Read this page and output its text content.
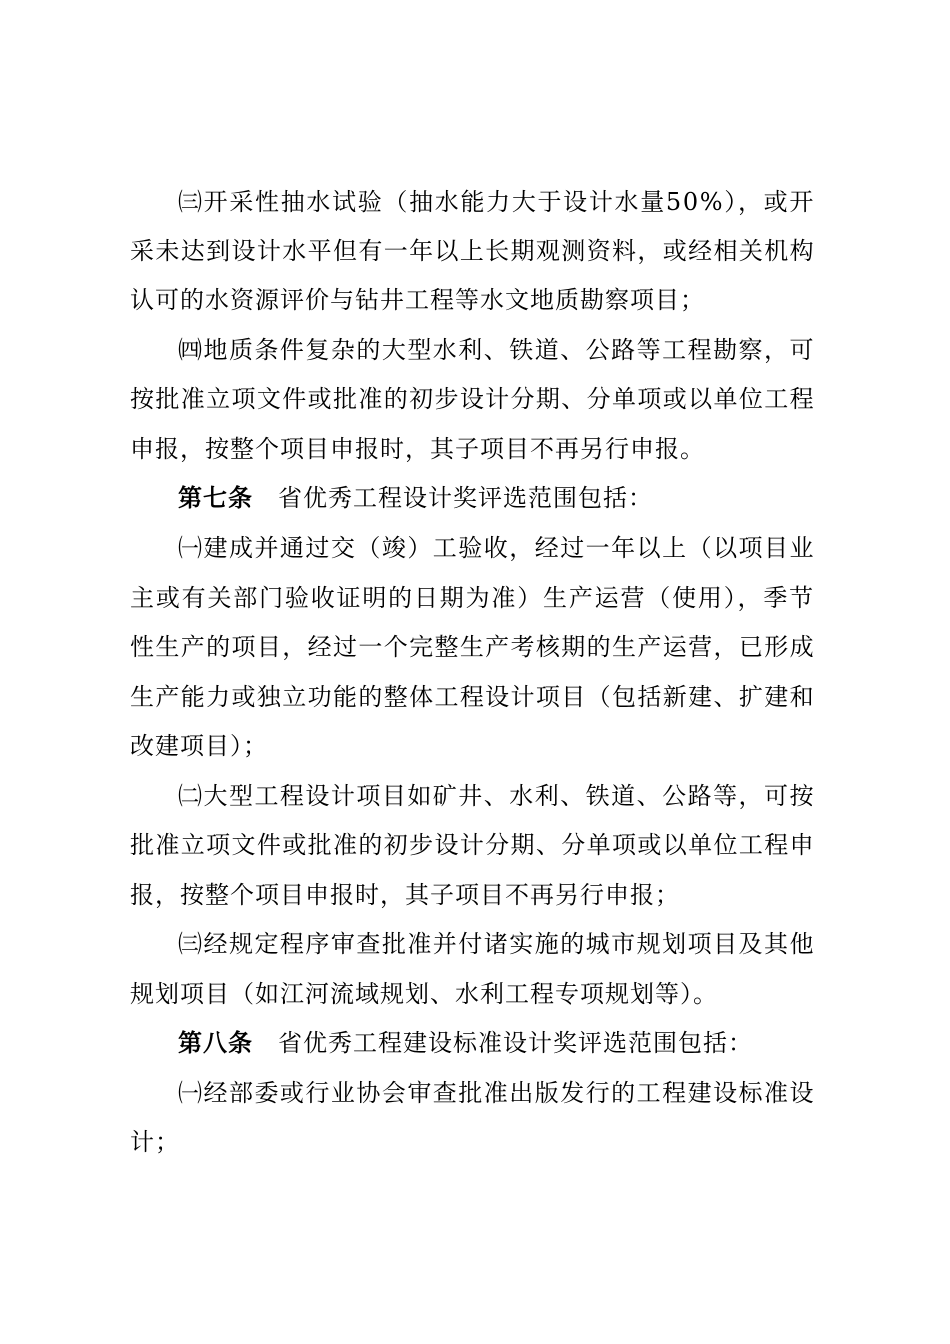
㈢开采性抽水试验（抽水能力大于设计水量50%），或开
采未达到设计水平但有一年以上长期观测资料，或经相关机构
认可的水资源评价与钻井工程等水文地质勘察项目；
㈣地质条件复杂的大型水利、铁道、公路等工程勘察，可
按批准立项文件或批准的初步设计分期、分单项或以单位工程
申报，按整个项目申报时，其子项目不再另行申报。
第七条　省优秀工程设计奖评选范围包括：
㈠建成并通过交（竣）工验收，经过一年以上（以项目业
主或有关部门验收证明的日期为准）生产运营（使用），季节
性生产的项目，经过一个完整生产考核期的生产运营，已形成
生产能力或独立功能的整体工程设计项目（包括新建、扩建和
改建项目）；
㈡大型工程设计项目如矿井、水利、铁道、公路等，可按
批准立项文件或批准的初步设计分期、分单项或以单位工程申
报，按整个项目申报时，其子项目不再另行申报；
㈢经规定程序审查批准并付诸实施的城市规划项目及其他
规划项目（如江河流域规划、水利工程专项规划等）。
第八条　省优秀工程建设标准设计奖评选范围包括：
㈠经部委或行业协会审查批准出版发行的工程建设标准设
计；
